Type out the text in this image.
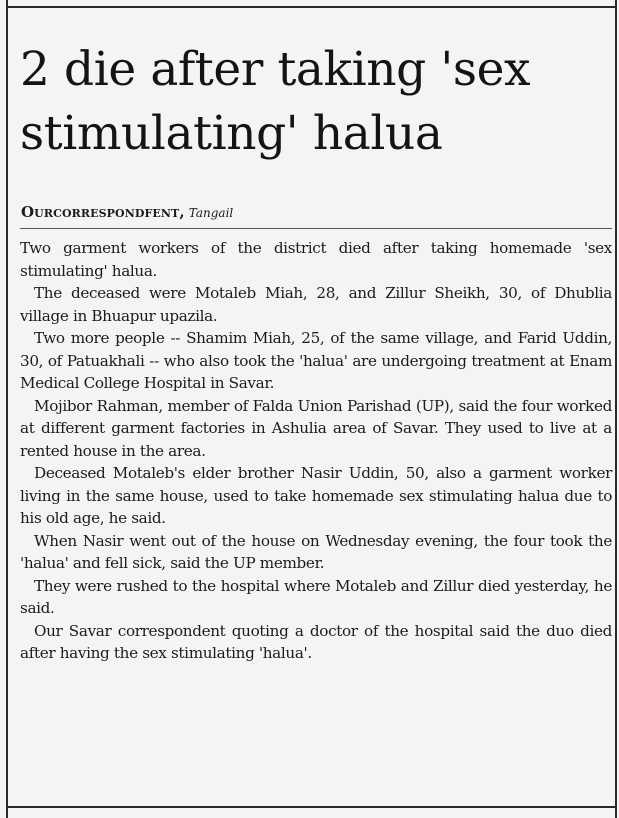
2 die after taking 'sex stimulating' halua
Ourcorrespondfent, Tangail

Two garment workers of the district died after taking homemade 'sex stimulating' halua.

The deceased were Motaleb Miah, 28, and Zillur Sheikh, 30, of Dhublia village in Bhuapur upazila.

Two more people -- Shamim Miah, 25, of the same village, and Farid Uddin, 30, of Patuakhali -- who also took the 'halua' are undergoing treatment at Enam Medical College Hospital in Savar.

Mojibor Rahman, member of Falda Union Parishad (UP), said the four worked at different garment factories in Ashulia area of Savar. They used to live at a rented house in the area.

Deceased Motaleb's elder brother Nasir Uddin, 50, also a garment worker living in the same house, used to take homemade sex stimulating halua due to his old age, he said.

When Nasir went out of the house on Wednesday evening, the four took the 'halua' and fell sick, said the UP member.

They were rushed to the hospital where Motaleb and Zillur died yesterday, he said.

Our Savar correspondent quoting a doctor of the hospital said the duo died after having the sex stimulating 'halua'.
